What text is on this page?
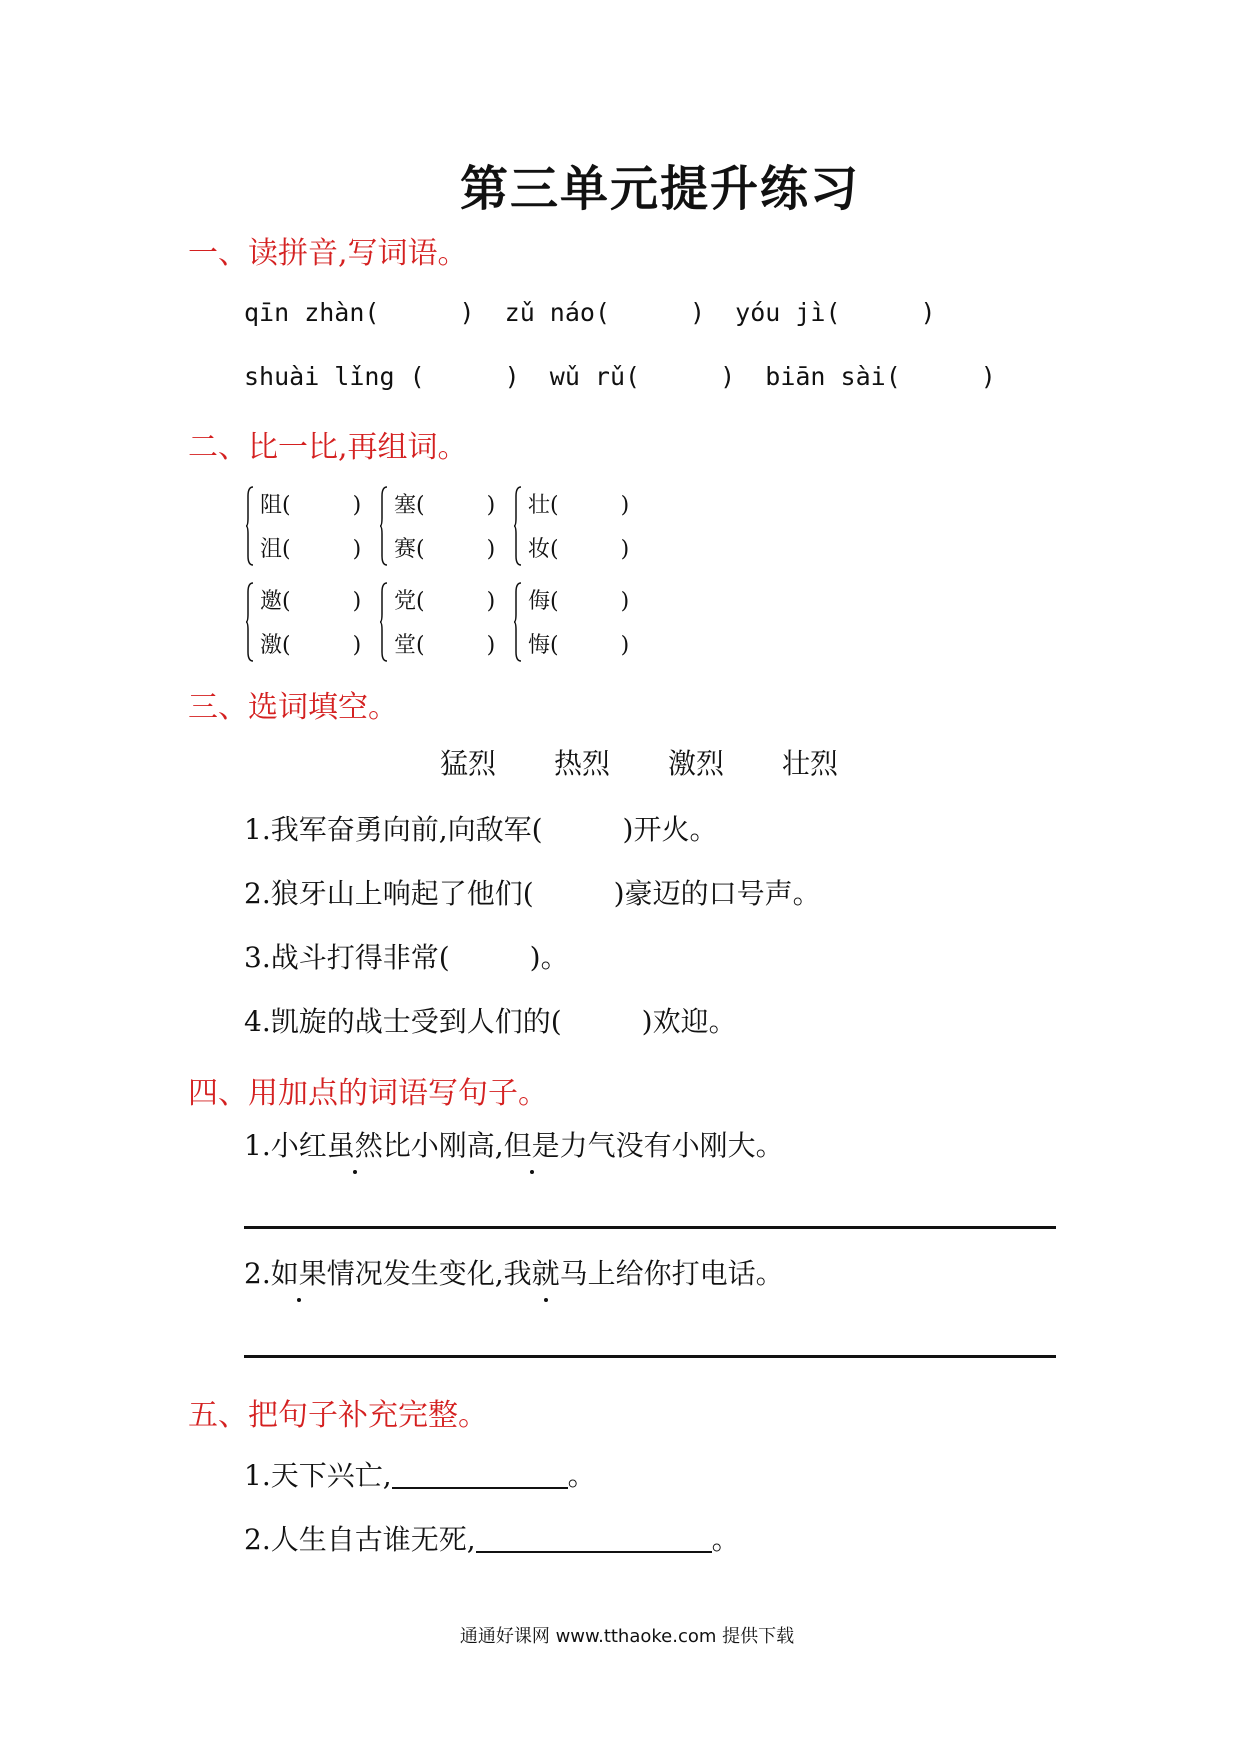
第三单元提升练习
一、读拼音,写词语。
qīn zhàn(	)  zǔ náo(	)  yóu jì(	)
shuài lǐng (	)  wǔ rǔ(	)  biān sài(	)
二、比一比,再组词。
阻(	)
沮(	)
塞(	)
赛(	)
壮(	)
妆(	)
邀(	)
激(	)
党(	)
堂(	)
侮(	)
悔(	)
三、选词填空。
猛烈 热烈 激烈 壮烈
1.我军奋勇向前,向敌军(	)开火。
2.狼牙山上响起了他们(	)豪迈的口号声。
3.战斗打得非常(	)。
4.凯旋的战士受到人们的(	)欢迎。
四、用加点的词语写句子。
1.小红虽然比小刚高,但是力气没有小刚大。
2.如果情况发生变化,我就马上给你打电话。
五、把句子补充完整。
1.天下兴亡,	。
2.人生自古谁无死,	。
通通好课网 www.tthaoke.com 提供下载
